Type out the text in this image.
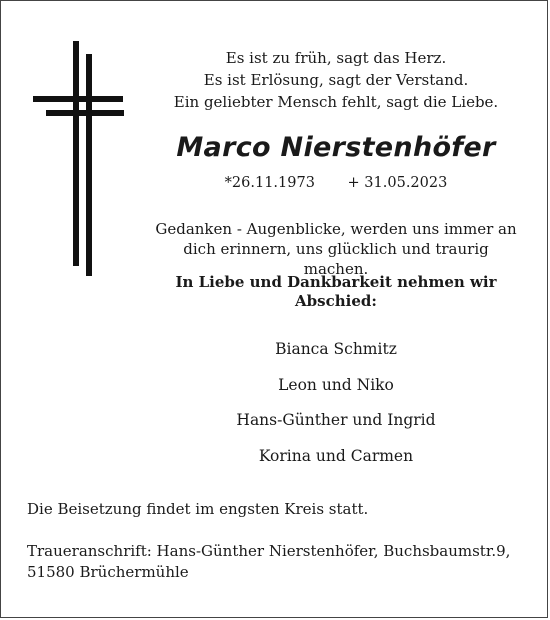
Es ist zu früh, sagt das Herz.
Es ist Erlösung, sagt der Verstand.
Ein geliebter Mensch fehlt, sagt die Liebe.
Marco Nierstenhöfer
*26.11.1973 + 31.05.2023
Gedanken - Augenblicke, werden uns immer an
dich erinnern, uns glücklich und traurig machen.
In Liebe und Dankbarkeit nehmen wir
Abschied:
Bianca Schmitz
Leon und Niko
Hans-Günther und Ingrid
Korina und Carmen
Die Beisetzung findet im engsten Kreis statt.
Traueranschrift: Hans-Günther Nierstenhöfer, Buchsbaumstr.9,
51580 Brüchermühle
